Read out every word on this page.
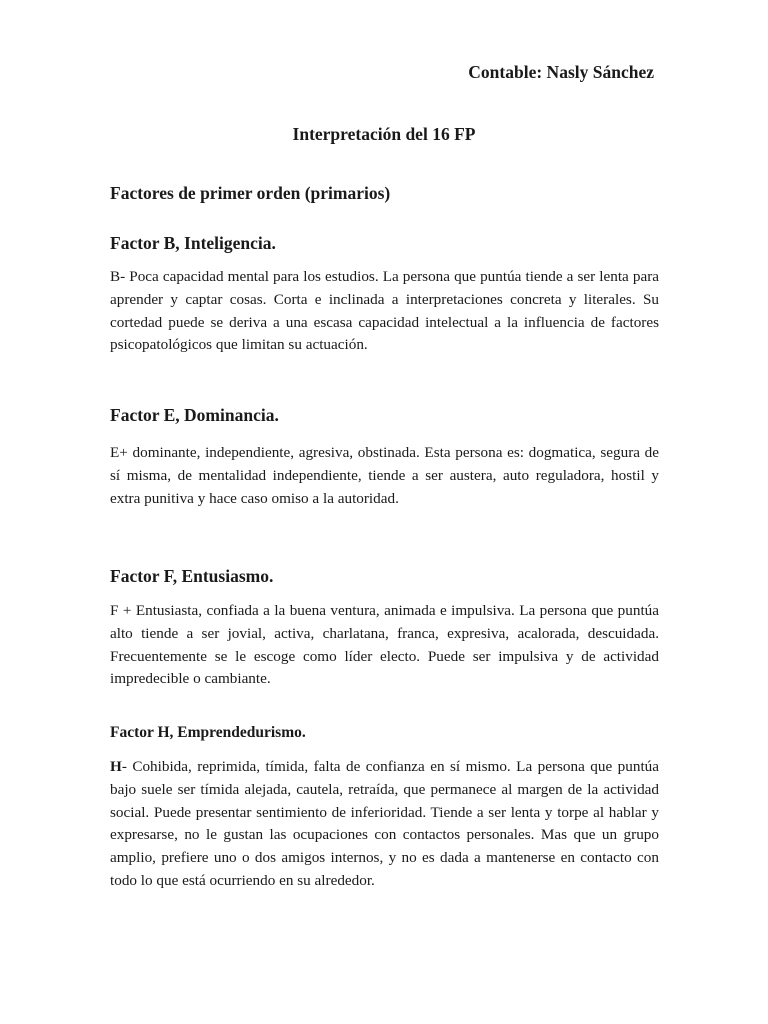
Contable: Nasly Sánchez
Interpretación del 16 FP
Factores de primer orden (primarios)
Factor B, Inteligencia.

B- Poca capacidad mental para los estudios. La persona que puntúa tiende a ser lenta para aprender y captar cosas. Corta e inclinada a interpretaciones concreta y literales. Su cortedad puede se deriva a una escasa capacidad intelectual a la influencia de factores psicopatológicos que limitan su actuación.

Factor E, Dominancia.

E+ dominante, independiente, agresiva, obstinada. Esta persona es: dogmatica, segura de sí misma, de mentalidad independiente, tiende a ser austera, auto reguladora, hostil y extra punitiva y hace caso omiso a la autoridad.

Factor F, Entusiasmo.

F + Entusiasta, confiada a la buena ventura, animada e impulsiva. La persona que puntúa alto tiende a ser jovial, activa, charlatana, franca, expresiva, acalorada, descuidada. Frecuentemente se le escoge como líder electo. Puede ser impulsiva y de actividad impredecible o cambiante.

Factor H, Emprendedurismo.

H- Cohibida, reprimida, tímida, falta de confianza en sí mismo. La persona que puntúa bajo suele ser tímida alejada, cautela, retraída, que permanece al margen de la actividad social. Puede presentar sentimiento de inferioridad. Tiende a ser lenta y torpe al hablar y expresarse, no le gustan las ocupaciones con contactos personales. Mas que un grupo amplio, prefiere uno o dos amigos internos, y no es dada a mantenerse en contacto con todo lo que está ocurriendo en su alrededor.
